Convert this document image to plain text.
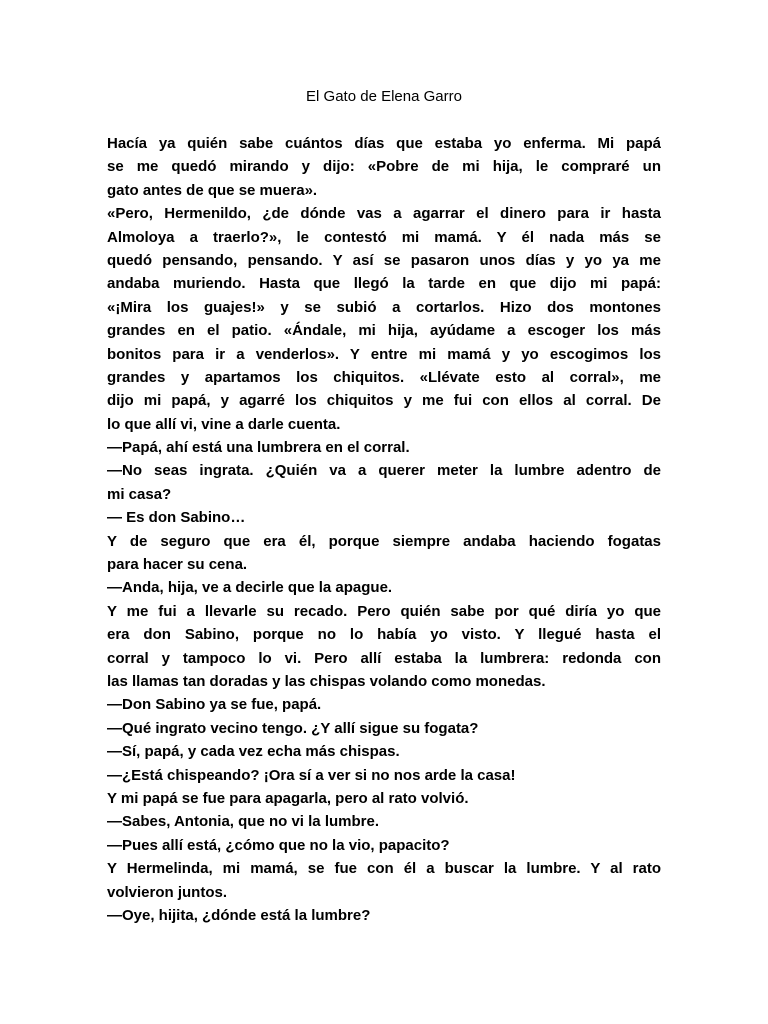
El Gato de Elena Garro
Hacía ya quién sabe cuántos días que estaba yo enferma. Mi papá
se me quedó mirando y dijo: «Pobre de mi hija, le compraré un
gato antes de que se muera».
«Pero, Hermenildo, ¿de dónde vas a agarrar el dinero para ir hasta
Almoloya a traerlo?», le contestó mi mamá. Y él nada más se
quedó pensando, pensando. Y así se pasaron unos días y yo ya me
andaba muriendo. Hasta que llegó la tarde en que dijo mi papá:
«¡Mira los guajes!» y se subió a cortarlos. Hizo dos montones
grandes en el patio. «Ándale, mi hija, ayúdame a escoger los más
bonitos para ir a venderlos». Y entre mi mamá y yo escogimos los
grandes y apartamos los chiquitos. «Llévate esto al corral», me
dijo mi papá, y agarré los chiquitos y me fui con ellos al corral. De
lo que allí vi, vine a darle cuenta.
—Papá, ahí está una lumbrera en el corral.
—No seas ingrata. ¿Quién va a querer meter la lumbre adentro de
mi casa?
— Es don Sabino…
Y de seguro que era él, porque siempre andaba haciendo fogatas
para hacer su cena.
—Anda, hija, ve a decirle que la apague.
Y me fui a llevarle su recado. Pero quién sabe por qué diría yo que
era don Sabino, porque no lo había yo visto. Y llegué hasta el
corral y tampoco lo vi. Pero allí estaba la lumbrera: redonda con
las llamas tan doradas y las chispas volando como monedas.
—Don Sabino ya se fue, papá.
—Qué ingrato vecino tengo. ¿Y allí sigue su fogata?
—Sí, papá, y cada vez echa más chispas.
—¿Está chispeando? ¡Ora sí a ver si no nos arde la casa!
Y mi papá se fue para apagarla, pero al rato volvió.
—Sabes, Antonia, que no vi la lumbre.
—Pues allí está, ¿cómo que no la vio, papacito?
Y Hermelinda, mi mamá, se fue con él a buscar la lumbre. Y al rato
volvieron juntos.
—Oye, hijita, ¿dónde está la lumbre?
